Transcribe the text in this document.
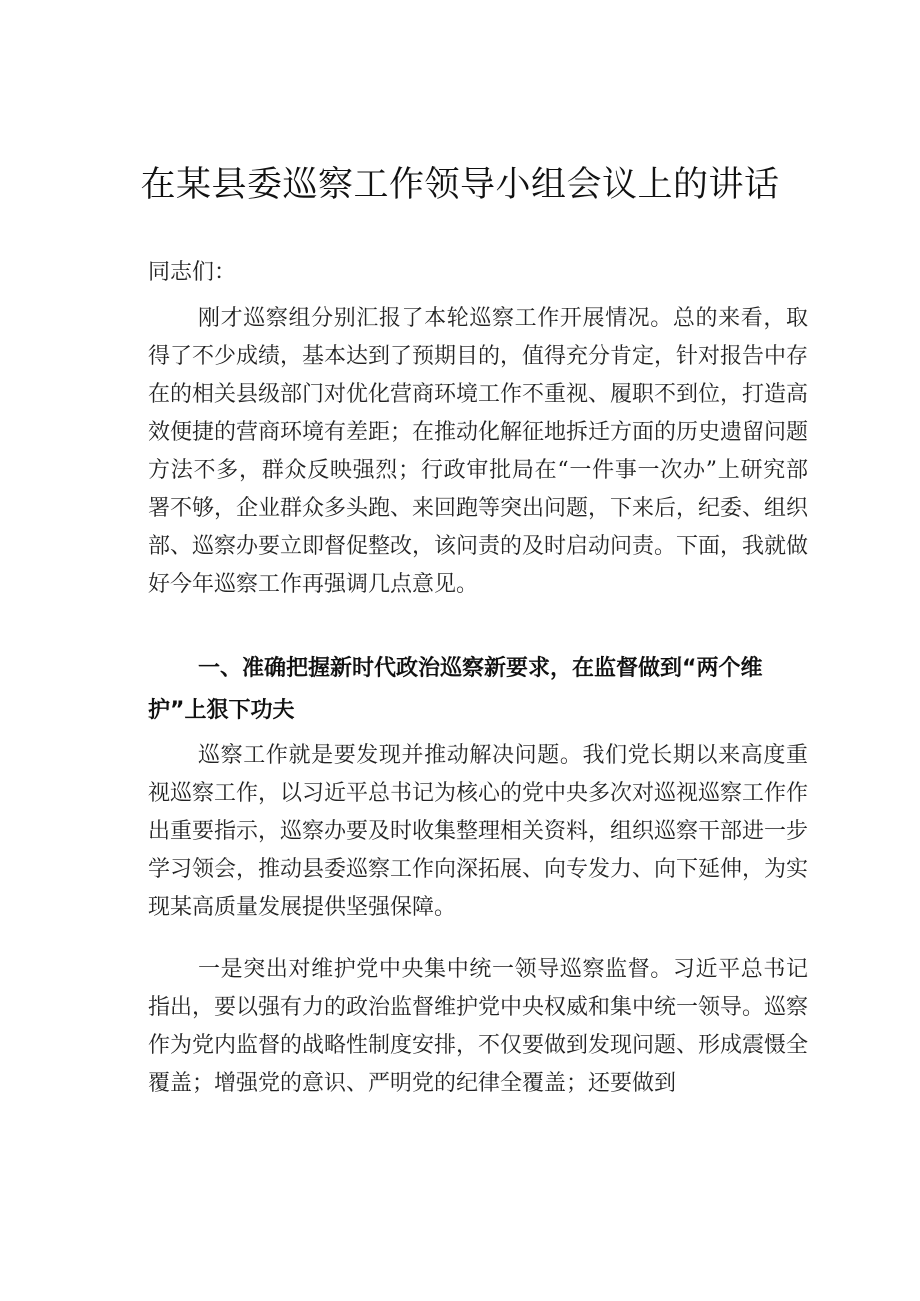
在某县委巡察工作领导小组会议上的讲话

同志们：

刚才巡察组分别汇报了本轮巡察工作开展情况。总的来看，取得了不少成绩，基本达到了预期目的，值得充分肯定，针对报告中存在的相关县级部门对优化营商环境工作不重视、履职不到位，打造高效便捷的营商环境有差距；在推动化解征地拆迁方面的历史遗留问题方法不多，群众反映强烈；行政审批局在“一件事一次办”上研究部署不够，企业群众多头跑、来回跑等突出问题，下来后，纪委、组织部、巡察办要立即督促整改，该问责的及时启动问责。下面，我就做好今年巡察工作再强调几点意见。

一、准确把握新时代政治巡察新要求，在监督做到“两个维护”上狠下功夫

巡察工作就是要发现并推动解决问题。我们党长期以来高度重视巡察工作，以习近平总书记为核心的党中央多次对巡视巡察工作作出重要指示，巡察办要及时收集整理相关资料，组织巡察干部进一步学习领会，推动县委巡察工作向深拓展、向专发力、向下延伸，为实现某高质量发展提供坚强保障。

一是突出对维护党中央集中统一领导巡察监督。习近平总书记指出，要以强有力的政治监督维护党中央权威和集中统一领导。巡察作为党内监督的战略性制度安排，不仅要做到发现问题、形成震慑全覆盖；增强党的意识、严明党的纪律全覆盖；还要做到
